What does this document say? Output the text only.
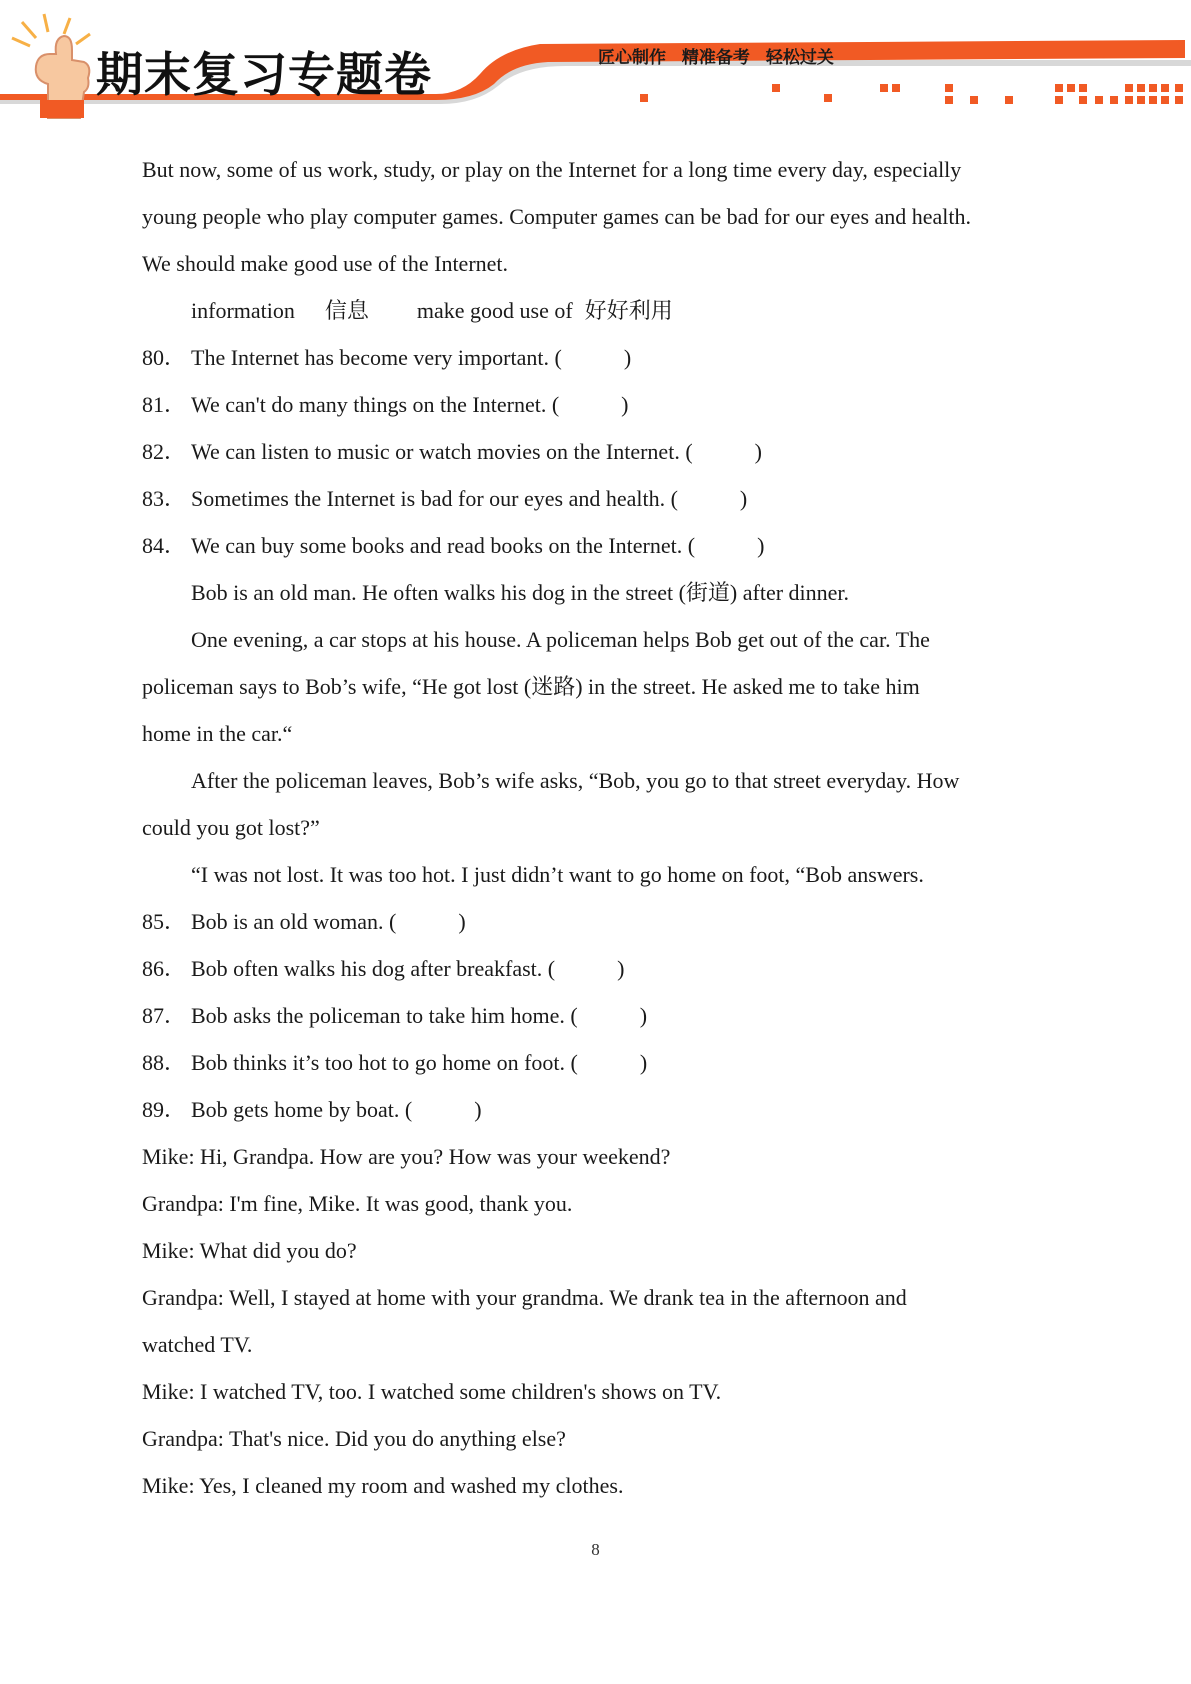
期末复习专题卷	匠心制作 精准备考 轻松过关
But now, some of us work, study, or play on the Internet for a long time every day, especially
young people who play computer games. Computer games can be bad for our eyes and health.
We should make good use of the Internet.
information 信息 make good use of 好好利用
80． The Internet has become very important. (	)
81． We can't do many things on the Internet. (	)
82． We can listen to music or watch movies on the Internet. (	)
83． Sometimes the Internet is bad for our eyes and health. (	)
84． We can buy some books and read books on the Internet. (	)
Bob is an old man. He often walks his dog in the street (街道) after dinner.
One evening, a car stops at his house. A policeman helps Bob get out of the car. The
policeman says to Bob’s wife, “He got lost (迷路) in the street. He asked me to take him
home in the car.“
After the policeman leaves, Bob’s wife asks, “Bob, you go to that street everyday. How
could you got lost?”
“I was not lost. It was too hot. I just didn’t want to go home on foot, “Bob answers.
85． Bob is an old woman. (	)
86． Bob often walks his dog after breakfast. (	)
87． Bob asks the policeman to take him home. (	)
88． Bob thinks it’s too hot to go home on foot. (	)
89． Bob gets home by boat. (	)
Mike: Hi, Grandpa. How are you? How was your weekend?
Grandpa: I'm fine, Mike. It was good, thank you.
Mike: What did you do?
Grandpa: Well, I stayed at home with your grandma. We drank tea in the afternoon and
watched TV.
Mike: I watched TV, too. I watched some children's shows on TV.
Grandpa: That's nice. Did you do anything else?
Mike: Yes, I cleaned my room and washed my clothes.
8
